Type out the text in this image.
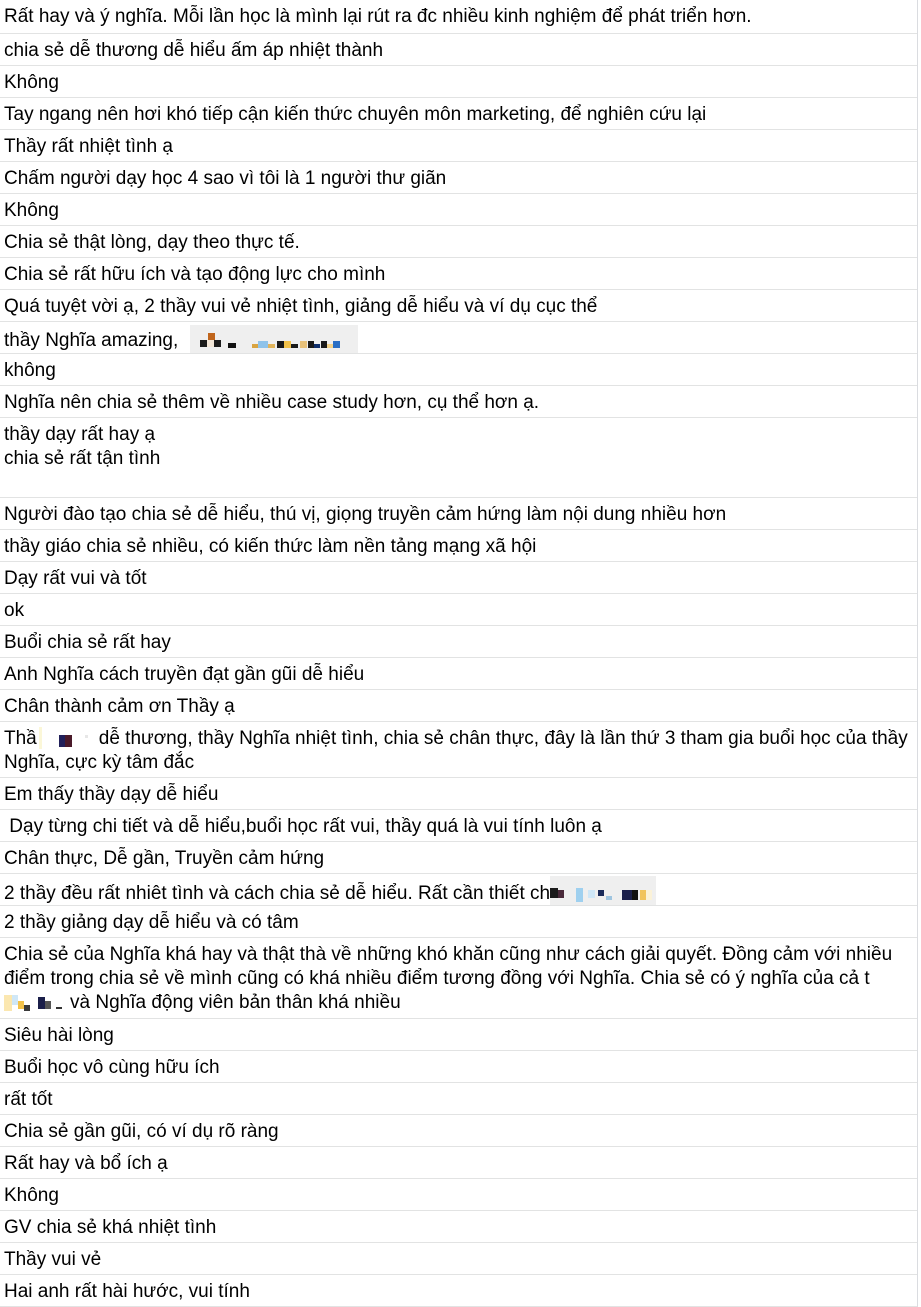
Rất hay và ý nghĩa. Mỗi lần học là mình lại rút ra đc nhiều kinh nghiệm để phát triển hơn.
chia sẻ dễ thương dễ hiểu ấm áp nhiệt thành
Không
Tay ngang nên hơi khó tiếp cận kiến thức chuyên môn marketing, để nghiên cứu lại
Thầy rất nhiệt tình ạ
Chấm người dạy học 4 sao vì tôi là 1 người thư giãn
Không
Chia sẻ thật lòng, dạy theo thực tế.
Chia sẻ rất hữu ích và tạo động lực cho mình
Quá tuyệt vời ạ, 2 thầy vui vẻ nhiệt tình, giảng dễ hiểu và ví dụ cục thể
thầy Nghĩa amazing,
không
Nghĩa nên chia sẻ thêm về nhiều case study hơn, cụ thể hơn ạ.
thầy dạy rất hay ạ
chia sẻ rất tận tình
Người đào tạo chia sẻ dễ hiểu, thú vị, giọng truyền cảm hứng làm nội dung nhiều hơn
thầy giáo chia sẻ nhiều, có kiến thức làm nền tảng mạng xã hội
Dạy rất vui và tốt
ok
Buổi chia sẻ rất hay
Anh Nghĩa cách truyền đạt gần gũi dễ hiểu
Chân thành cảm ơn Thầy ạ
Thầ	dễ thương, thầy Nghĩa nhiệt tình, chia sẻ chân thực, đây là lần thứ 3 tham gia buổi học của thầy Nghĩa, cực kỳ tâm đắc
Em thấy thầy dạy dễ hiểu
Dạy từng chi tiết và dễ hiểu,buổi học rất vui, thầy quá là vui tính luôn ạ
Chân thực, Dễ gần, Truyền cảm hứng
2 thầy đều rất nhiêt tình và cách chia sẻ dễ hiểu. Rất cần thiết ch
2 thầy giảng dạy dễ hiểu và có tâm
Chia sẻ của Nghĩa khá hay và thật thà về những khó khăn cũng như cách giải quyết. Đồng cảm với nhiều điểm trong chia sẻ về mình cũng có khá nhiều điểm tương đồng với Nghĩa. Chia sẻ có ý nghĩa của cả t
và Nghĩa động viên bản thân khá nhiều
Siêu hài lòng
Buổi học vô cùng hữu ích
rất tốt
Chia sẻ gần gũi, có ví dụ rõ ràng
Rất hay và bổ ích ạ
Không
GV chia sẻ khá nhiệt tình
Thầy vui vẻ
Hai anh rất hài hước, vui tính
